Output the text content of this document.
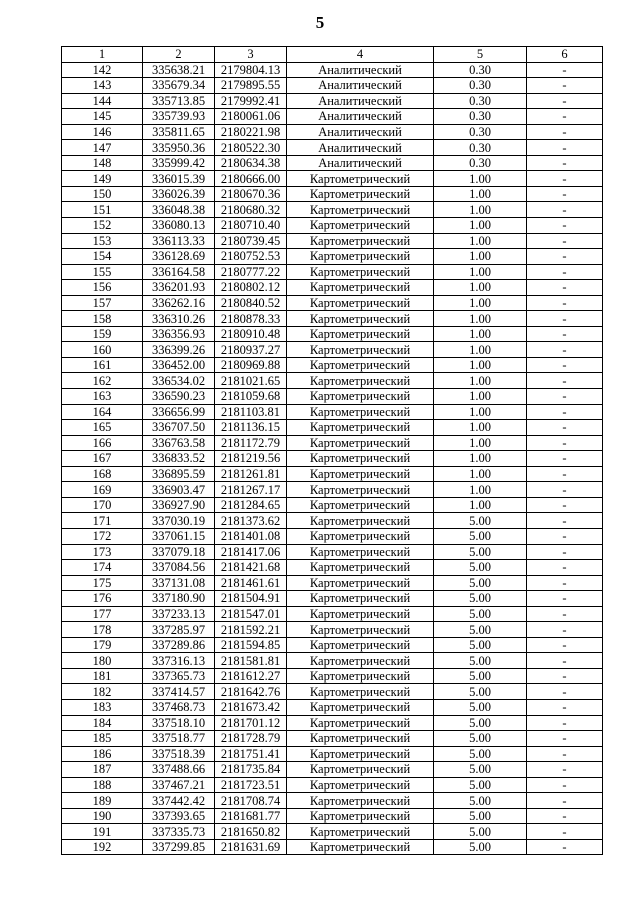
5
1	2	3	4	5	6
142	335638.21	2179804.13	Аналитический	0.30	-
143	335679.34	2179895.55	Аналитический	0.30	-
144	335713.85	2179992.41	Аналитический	0.30	-
145	335739.93	2180061.06	Аналитический	0.30	-
146	335811.65	2180221.98	Аналитический	0.30	-
147	335950.36	2180522.30	Аналитический	0.30	-
148	335999.42	2180634.38	Аналитический	0.30	-
149	336015.39	2180666.00	Картометрический	1.00	-
150	336026.39	2180670.36	Картометрический	1.00	-
151	336048.38	2180680.32	Картометрический	1.00	-
152	336080.13	2180710.40	Картометрический	1.00	-
153	336113.33	2180739.45	Картометрический	1.00	-
154	336128.69	2180752.53	Картометрический	1.00	-
155	336164.58	2180777.22	Картометрический	1.00	-
156	336201.93	2180802.12	Картометрический	1.00	-
157	336262.16	2180840.52	Картометрический	1.00	-
158	336310.26	2180878.33	Картометрический	1.00	-
159	336356.93	2180910.48	Картометрический	1.00	-
160	336399.26	2180937.27	Картометрический	1.00	-
161	336452.00	2180969.88	Картометрический	1.00	-
162	336534.02	2181021.65	Картометрический	1.00	-
163	336590.23	2181059.68	Картометрический	1.00	-
164	336656.99	2181103.81	Картометрический	1.00	-
165	336707.50	2181136.15	Картометрический	1.00	-
166	336763.58	2181172.79	Картометрический	1.00	-
167	336833.52	2181219.56	Картометрический	1.00	-
168	336895.59	2181261.81	Картометрический	1.00	-
169	336903.47	2181267.17	Картометрический	1.00	-
170	336927.90	2181284.65	Картометрический	1.00	-
171	337030.19	2181373.62	Картометрический	5.00	-
172	337061.15	2181401.08	Картометрический	5.00	-
173	337079.18	2181417.06	Картометрический	5.00	-
174	337084.56	2181421.68	Картометрический	5.00	-
175	337131.08	2181461.61	Картометрический	5.00	-
176	337180.90	2181504.91	Картометрический	5.00	-
177	337233.13	2181547.01	Картометрический	5.00	-
178	337285.97	2181592.21	Картометрический	5.00	-
179	337289.86	2181594.85	Картометрический	5.00	-
180	337316.13	2181581.81	Картометрический	5.00	-
181	337365.73	2181612.27	Картометрический	5.00	-
182	337414.57	2181642.76	Картометрический	5.00	-
183	337468.73	2181673.42	Картометрический	5.00	-
184	337518.10	2181701.12	Картометрический	5.00	-
185	337518.77	2181728.79	Картометрический	5.00	-
186	337518.39	2181751.41	Картометрический	5.00	-
187	337488.66	2181735.84	Картометрический	5.00	-
188	337467.21	2181723.51	Картометрический	5.00	-
189	337442.42	2181708.74	Картометрический	5.00	-
190	337393.65	2181681.77	Картометрический	5.00	-
191	337335.73	2181650.82	Картометрический	5.00	-
192	337299.85	2181631.69	Картометрический	5.00	-
